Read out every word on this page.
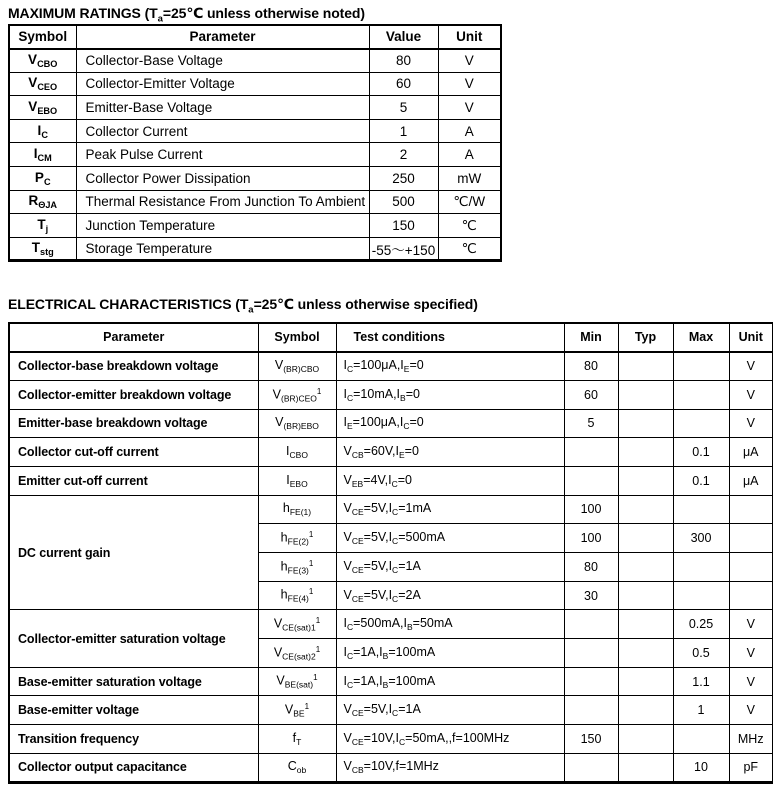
MAXIMUM RATINGS ($T_a=25℃$ unless otherwise noted)
Symbol	Parameter	Value	Unit
$V_{CBO}$	Collector-Base Voltage	80	V
$V_{CEO}$	Collector-Emitter Voltage	60	V
$V_{EBO}$	Emitter-Base Voltage	5	V
$I_C$	Collector Current	1	A
$I_{CM}$	Peak Pulse Current	2	A
$P_C$	Collector Power Dissipation	250	mW
$R_{\Theta JA}$	Thermal Resistance From Junction To Ambient	500	℃/W
$T_j$	Junction Temperature	150	℃
$T_{stg}$	Storage Temperature	-55～+150	℃
ELECTRICAL CHARACTERISTICS ($T_a=25℃$ unless otherwise specified)
Parameter	Symbol	Test conditions	Min	Typ	Max	Unit
Collector-base breakdown voltage	$V_{(BR)CBO}$	$I_C=100\mu A,I_E=0$	80			V
Collector-emitter breakdown voltage	$V_{(BR)CEO}^1$	$I_C=10mA,I_B=0$	60			V
Emitter-base breakdown voltage	$V_{(BR)EBO}$	$I_E=100\mu A,I_C=0$	5			V
Collector cut-off current	$I_{CBO}$	$V_{CB}=60V,I_E=0$			0.1	μA
Emitter cut-off current	$I_{EBO}$	$V_{EB}=4V,I_C=0$			0.1	μA
DC current gain	$h_{FE(1)}$	$V_{CE}=5V,I_C=1mA$	100			
	$h_{FE(2)}^1$	$V_{CE}=5V,I_C=500mA$	100		300	
	$h_{FE(3)}^1$	$V_{CE}=5V,I_C=1A$	80			
	$h_{FE(4)}^1$	$V_{CE}=5V,I_C=2A$	30			
Collector-emitter saturation voltage	$V_{CE(sat)1}^1$	$I_C=500mA,I_B=50mA$			0.25	V
	$V_{CE(sat)2}^1$	$I_C=1A,I_B=100mA$			0.5	V
Base-emitter saturation voltage	$V_{BE(sat)}^1$	$I_C=1A,I_B=100mA$			1.1	V
Base-emitter voltage	$V_{BE}^1$	$V_{CE}=5V,I_C=1A$			1	V
Transition frequency	$f_T$	$V_{CE}=10V,I_C=50mA,,f=100MHz$	150			MHz
Collector output capacitance	$C_{ob}$	$V_{CB}=10V,f=1MHz$			10	pF
